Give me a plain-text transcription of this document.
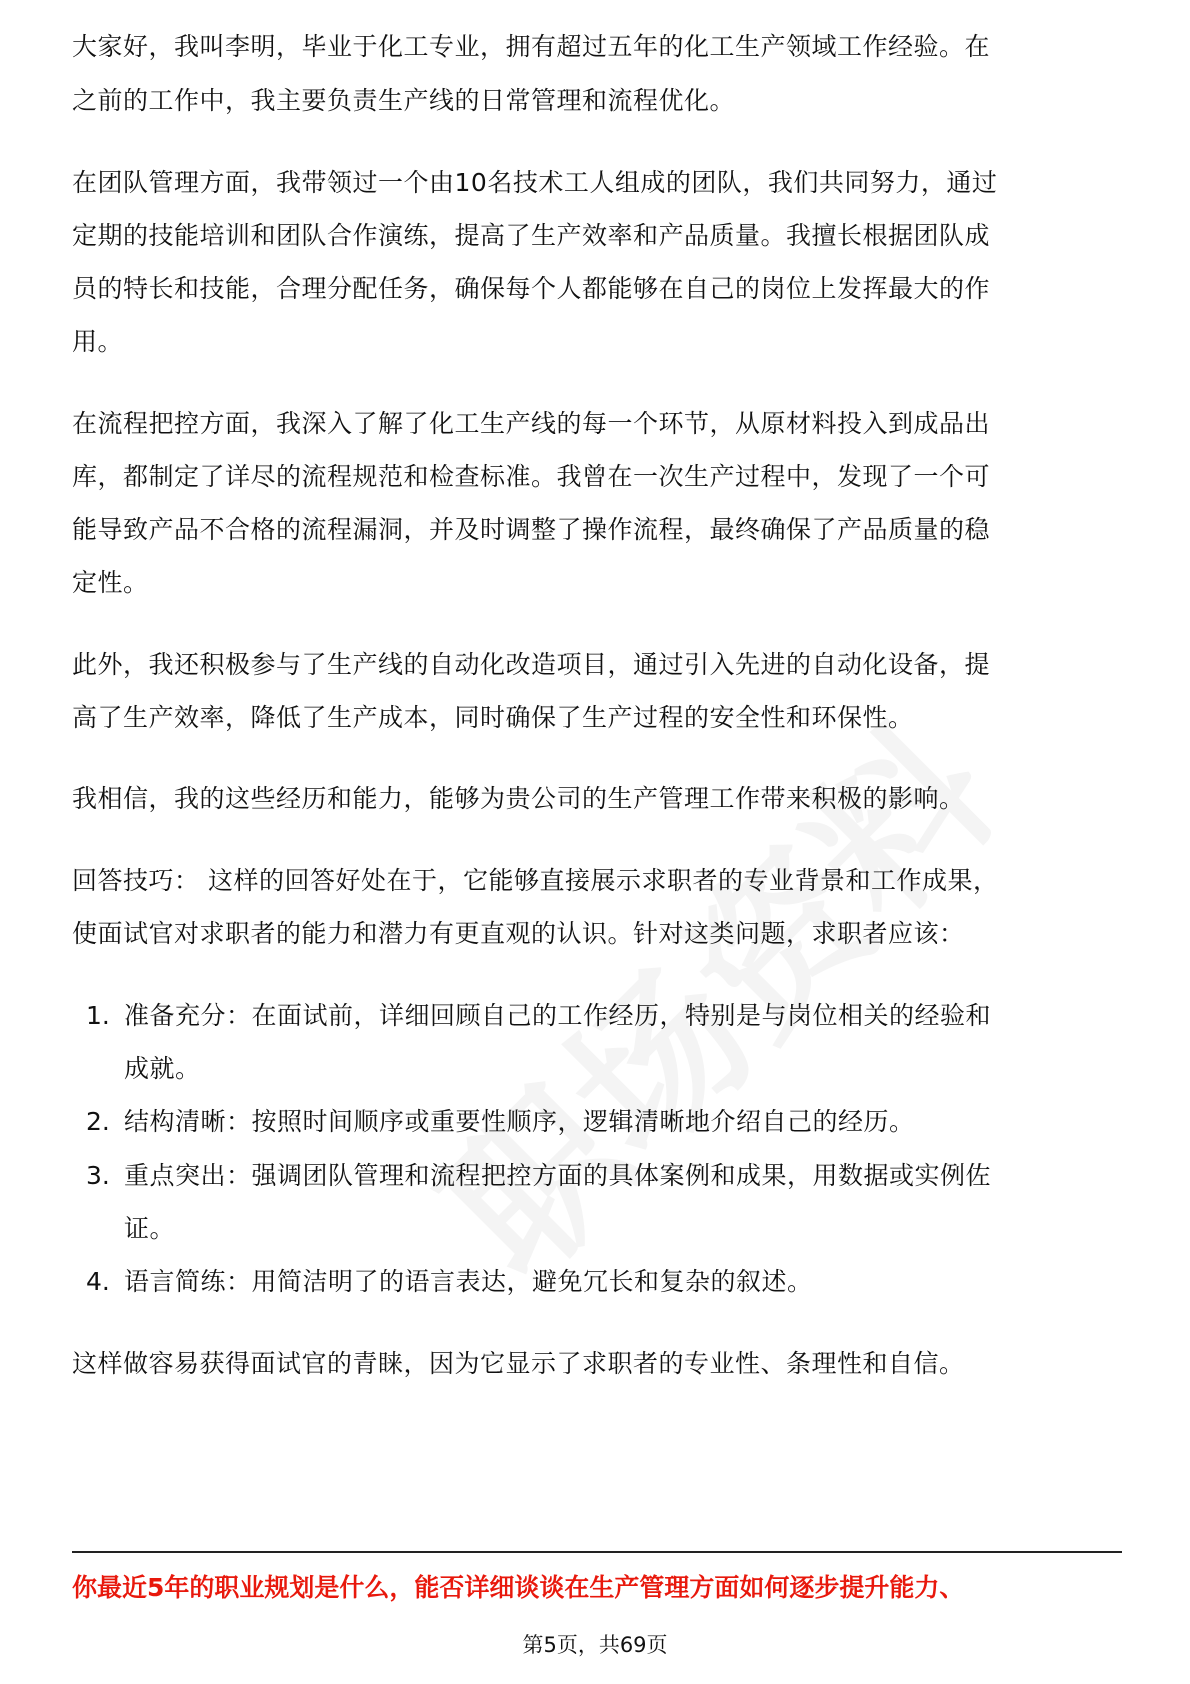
大家好，我叫李明，毕业于化工专业，拥有超过五年的化工生产领域工作经验。在
之前的工作中，我主要负责生产线的日常管理和流程优化。
在团队管理方面，我带领过一个由10名技术工人组成的团队，我们共同努力，通过
定期的技能培训和团队合作演练，提高了生产效率和产品质量。我擅长根据团队成
员的特长和技能，合理分配任务，确保每个人都能够在自己的岗位上发挥最大的作
用。
在流程把控方面，我深入了解了化工生产线的每一个环节，从原材料投入到成品出
库，都制定了详尽的流程规范和检查标准。我曾在一次生产过程中，发现了一个可
能导致产品不合格的流程漏洞，并及时调整了操作流程，最终确保了产品质量的稳
定性。
此外，我还积极参与了生产线的自动化改造项目，通过引入先进的自动化设备，提
高了生产效率，降低了生产成本，同时确保了生产过程的安全性和环保性。
我相信，我的这些经历和能力，能够为贵公司的生产管理工作带来积极的影响。
回答技巧： 这样的回答好处在于，它能够直接展示求职者的专业背景和工作成果，
使面试官对求职者的能力和潜力有更直观的认识。针对这类问题，求职者应该：
1. 准备充分：在面试前，详细回顾自己的工作经历，特别是与岗位相关的经验和
成就。
2. 结构清晰：按照时间顺序或重要性顺序，逻辑清晰地介绍自己的经历。
3. 重点突出：强调团队管理和流程把控方面的具体案例和成果，用数据或实例佐
证。
4. 语言简练：用简洁明了的语言表达，避免冗长和复杂的叙述。
这样做容易获得面试官的青睐，因为它显示了求职者的专业性、条理性和自信。
你最近5年的职业规划是什么，能否详细谈谈在生产管理方面如何逐步提升能力、
第5页，共69页
